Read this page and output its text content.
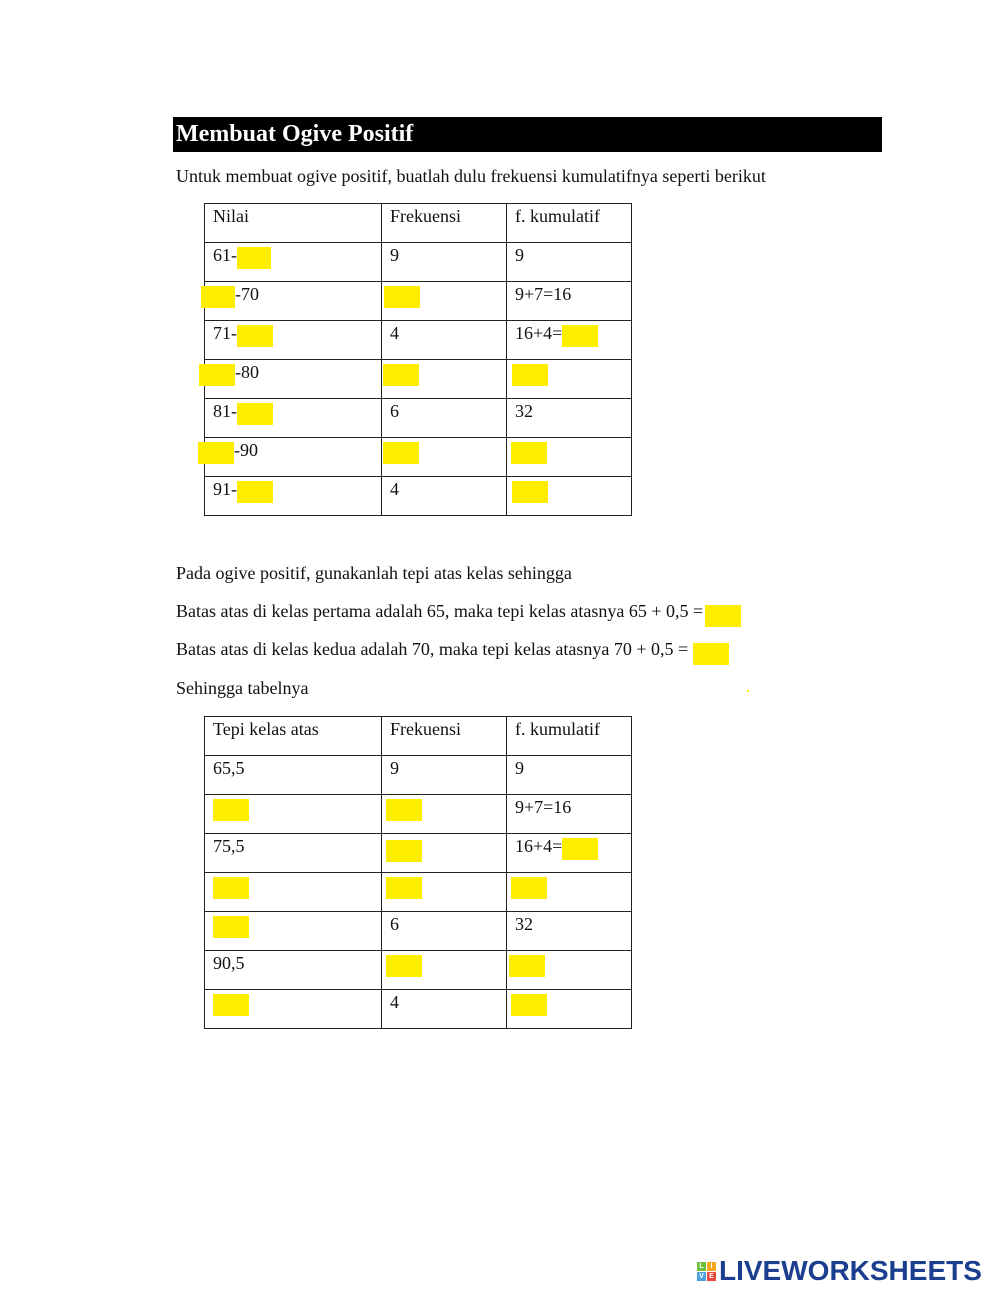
Membuat Ogive Positif
Untuk membuat ogive positif, buatlah dulu frekuensi kumulatifnya seperti berikut
Nilai	Frekuensi	f. kumulatif
61-	9	9
-70		9+7=16
71-	4	16+4=
-80		
81-	6	32
-90		
91-	4	
Pada ogive positif, gunakanlah tepi atas kelas sehingga
Batas atas di kelas pertama adalah 65, maka tepi kelas atasnya 65 + 0,5 =
Batas atas di kelas kedua adalah 70, maka tepi kelas atasnya 70 + 0,5 =
Sehingga tabelnya
Tepi kelas atas	Frekuensi	f. kumulatif
65,5	9	9
		9+7=16
75,5		16+4=

	6	32
90,5		
	4	
L I
V E LIVEWORKSHEETS
